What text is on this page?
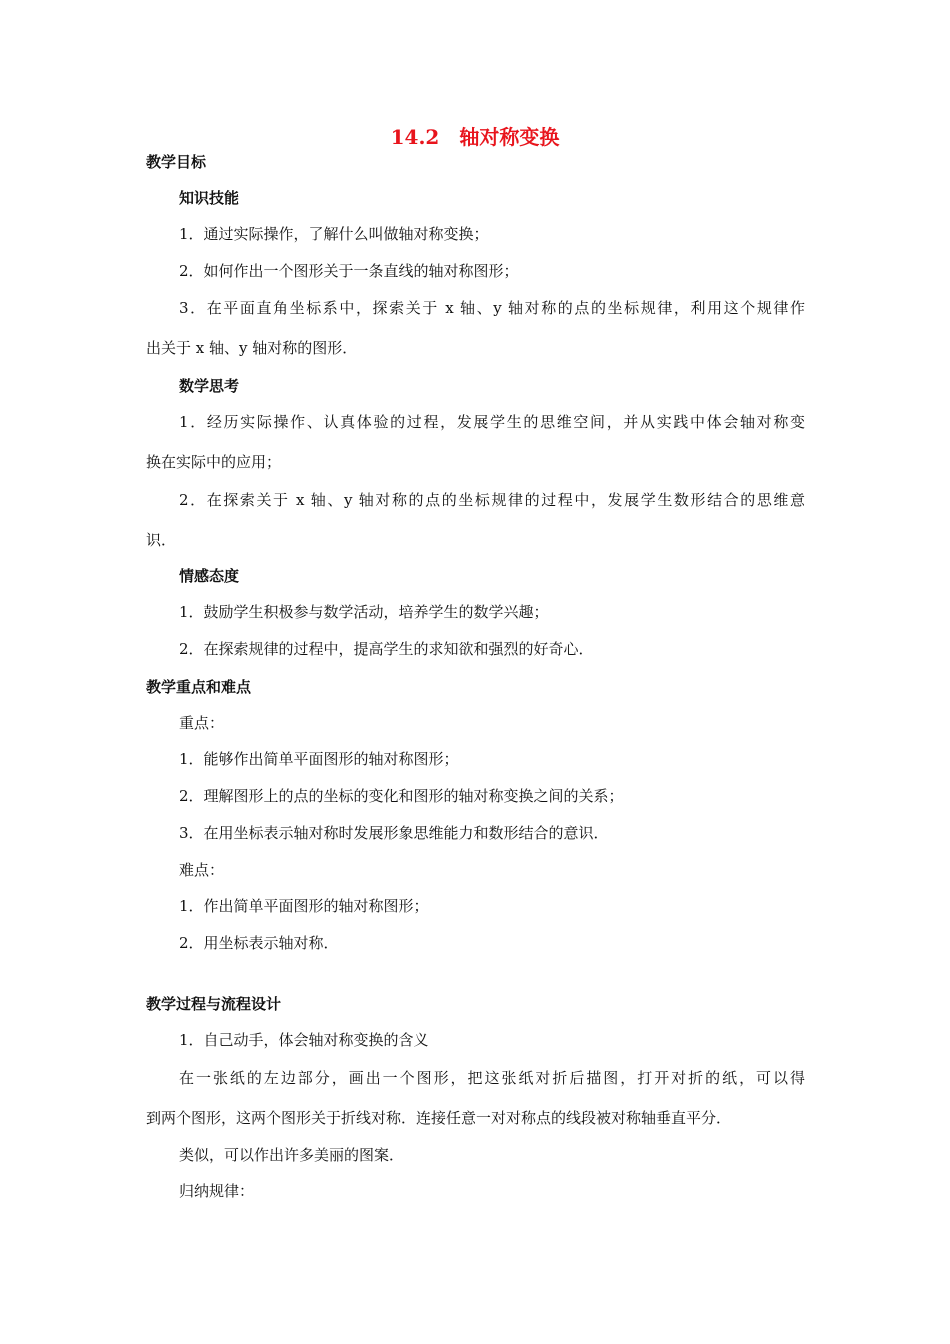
14.2　轴对称变换
教学目标
知识技能
1．通过实际操作，了解什么叫做轴对称变换；
2．如何作出一个图形关于一条直线的轴对称图形；
3．在平面直角坐标系中，探索关于 x 轴、y 轴对称的点的坐标规律，利用这个规律作
出关于 x 轴、y 轴对称的图形．
数学思考
1．经历实际操作、认真体验的过程，发展学生的思维空间，并从实践中体会轴对称变
换在实际中的应用；
2．在探索关于 x 轴、y 轴对称的点的坐标规律的过程中，发展学生数形结合的思维意
识．
情感态度
1．鼓励学生积极参与数学活动，培养学生的数学兴趣；
2．在探索规律的过程中，提高学生的求知欲和强烈的好奇心．
教学重点和难点
重点：
1．能够作出简单平面图形的轴对称图形；
2．理解图形上的点的坐标的变化和图形的轴对称变换之间的关系；
3．在用坐标表示轴对称时发展形象思维能力和数形结合的意识．
难点：
1．作出简单平面图形的轴对称图形；
2．用坐标表示轴对称．
教学过程与流程设计
1．自己动手，体会轴对称变换的含义
在一张纸的左边部分，画出一个图形，把这张纸对折后描图，打开对折的纸，可以得
到两个图形，这两个图形关于折线对称．连接任意一对对称点的线段被对称轴垂直平分．
类似，可以作出许多美丽的图案．
归纳规律：
